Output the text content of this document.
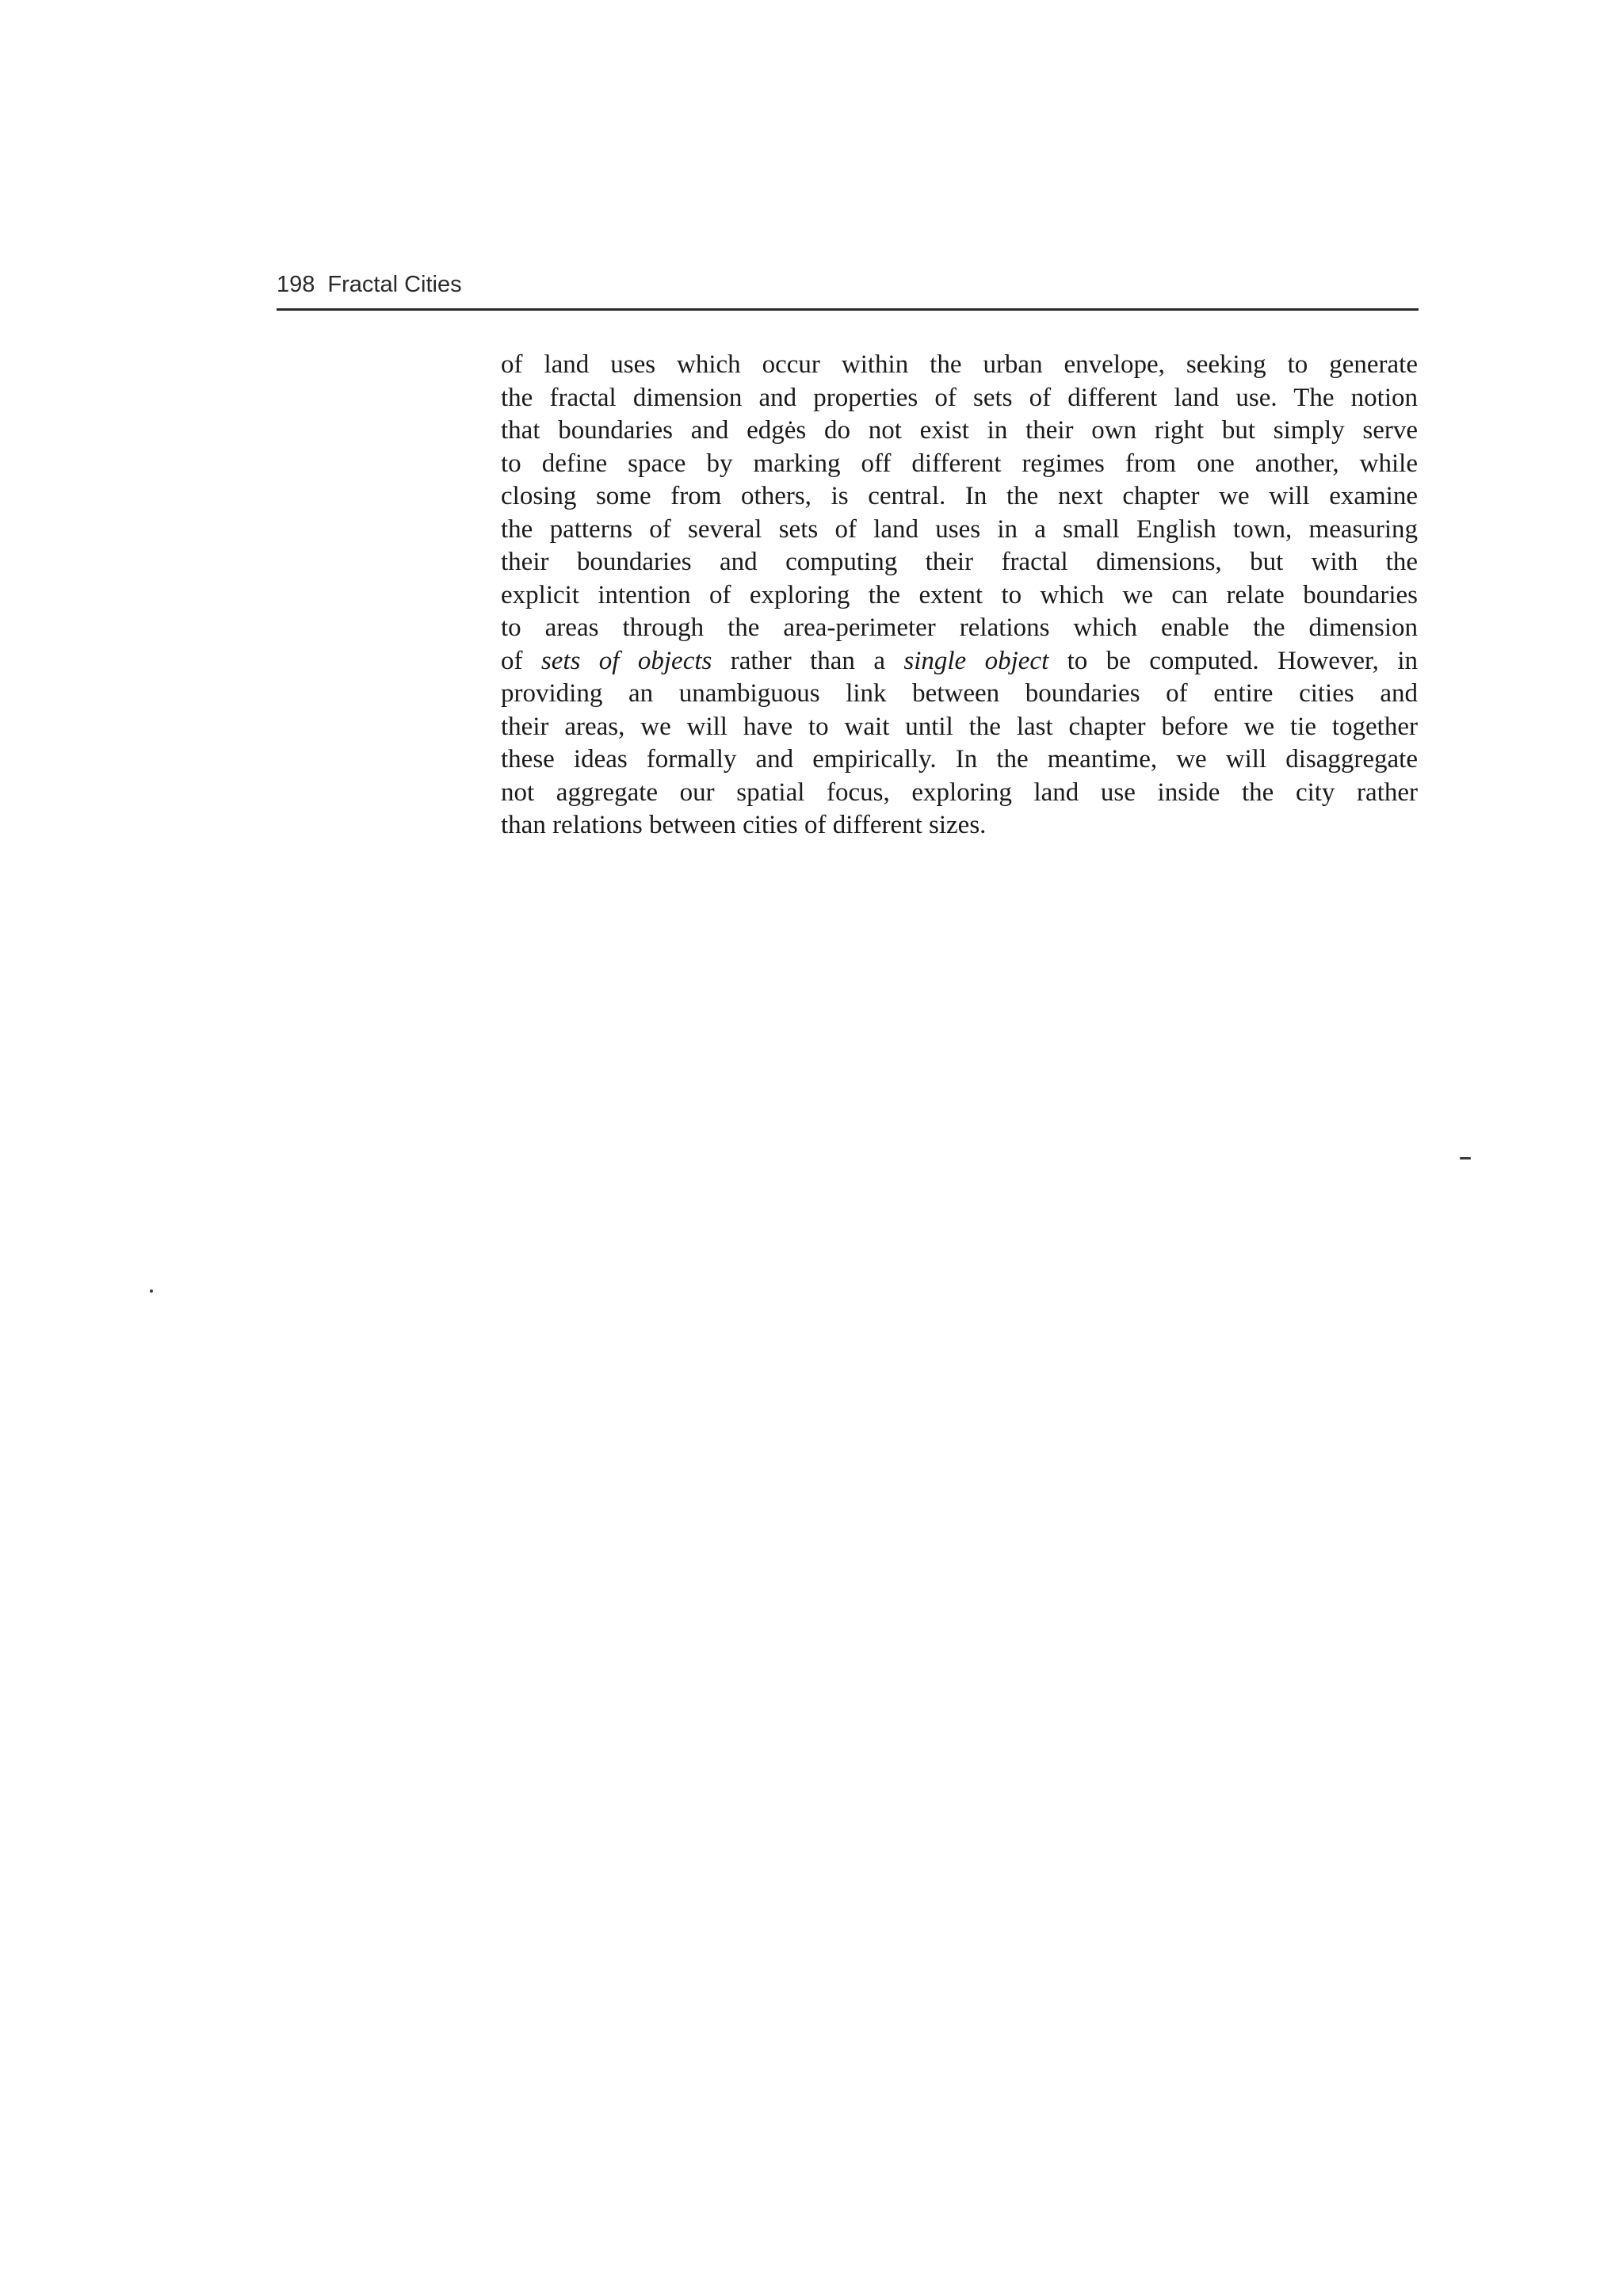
198 Fractal Cities
of land uses which occur within the urban envelope, seeking to generate
the fractal dimension and properties of sets of different land use. The notion
that boundaries and edgės do not exist in their own right but simply serve
to define space by marking off different regimes from one another, while
closing some from others, is central. In the next chapter we will examine
the patterns of several sets of land uses in a small English town, measuring
their boundaries and computing their fractal dimensions, but with the
explicit intention of exploring the extent to which we can relate boundaries
to areas through the area-perimeter relations which enable the dimension
of sets of objects rather than a single object to be computed. However, in
providing an unambiguous link between boundaries of entire cities and
their areas, we will have to wait until the last chapter before we tie together
these ideas formally and empirically. In the meantime, we will disaggregate
not aggregate our spatial focus, exploring land use inside the city rather
than relations between cities of different sizes.
